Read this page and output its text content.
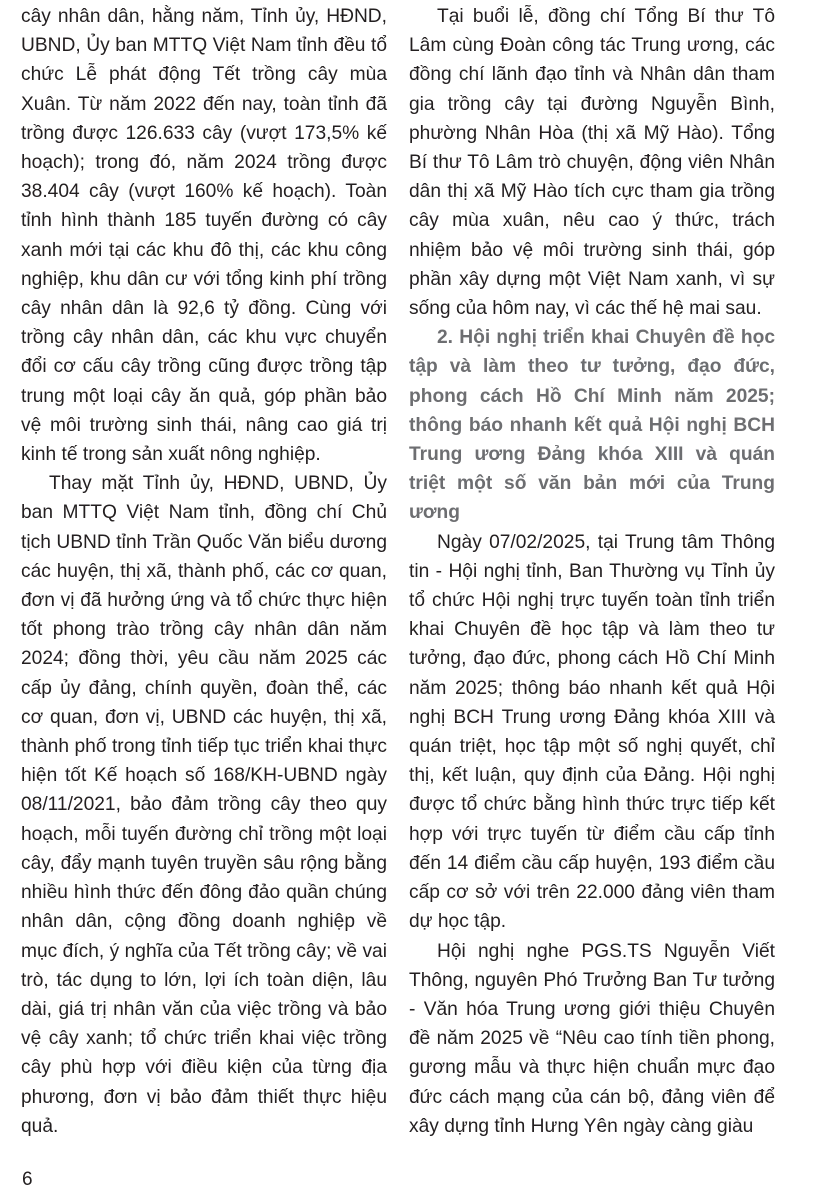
cây nhân dân, hằng năm, Tỉnh ủy, HĐND, UBND, Ủy ban MTTQ Việt Nam tỉnh đều tổ chức Lễ phát động Tết trồng cây mùa Xuân. Từ năm 2022 đến nay, toàn tỉnh đã trồng được 126.633 cây (vượt 173,5% kế hoạch); trong đó, năm 2024 trồng được 38.404 cây (vượt 160% kế hoạch). Toàn tỉnh hình thành 185 tuyến đường có cây xanh mới tại các khu đô thị, các khu công nghiệp, khu dân cư với tổng kinh phí trồng cây nhân dân là 92,6 tỷ đồng. Cùng với trồng cây nhân dân, các khu vực chuyển đổi cơ cấu cây trồng cũng được trồng tập trung một loại cây ăn quả, góp phần bảo vệ môi trường sinh thái, nâng cao giá trị kinh tế trong sản xuất nông nghiệp.

Thay mặt Tỉnh ủy, HĐND, UBND, Ủy ban MTTQ Việt Nam tỉnh, đồng chí Chủ tịch UBND tỉnh Trần Quốc Văn biểu dương các huyện, thị xã, thành phố, các cơ quan, đơn vị đã hưởng ứng và tổ chức thực hiện tốt phong trào trồng cây nhân dân năm 2024; đồng thời, yêu cầu năm 2025 các cấp ủy đảng, chính quyền, đoàn thể, các cơ quan, đơn vị, UBND các huyện, thị xã, thành phố trong tỉnh tiếp tục triển khai thực hiện tốt Kế hoạch số 168/KH-UBND ngày 08/11/2021, bảo đảm trồng cây theo quy hoạch, mỗi tuyến đường chỉ trồng một loại cây, đẩy mạnh tuyên truyền sâu rộng bằng nhiều hình thức đến đông đảo quần chúng nhân dân, cộng đồng doanh nghiệp về mục đích, ý nghĩa của Tết trồng cây; về vai trò, tác dụng to lớn, lợi ích toàn diện, lâu dài, giá trị nhân văn của việc trồng và bảo vệ cây xanh; tổ chức triển khai việc trồng cây phù hợp với điều kiện của từng địa phương, đơn vị bảo đảm thiết thực hiệu quả.

Tại buổi lễ, đồng chí Tổng Bí thư Tô Lâm cùng Đoàn công tác Trung ương, các đồng chí lãnh đạo tỉnh và Nhân dân tham gia trồng cây tại đường Nguyễn Bình, phường Nhân Hòa (thị xã Mỹ Hào). Tổng Bí thư Tô Lâm trò chuyện, động viên Nhân dân thị xã Mỹ Hào tích cực tham gia trồng cây mùa xuân, nêu cao ý thức, trách nhiệm bảo vệ môi trường sinh thái, góp phần xây dựng một Việt Nam xanh, vì sự sống của hôm nay, vì các thế hệ mai sau.

2. Hội nghị triển khai Chuyên đề học tập và làm theo tư tưởng, đạo đức, phong cách Hồ Chí Minh năm 2025; thông báo nhanh kết quả Hội nghị BCH Trung ương Đảng khóa XIII và quán triệt một số văn bản mới của Trung ương

Ngày 07/02/2025, tại Trung tâm Thông tin - Hội nghị tỉnh, Ban Thường vụ Tỉnh ủy tổ chức Hội nghị trực tuyến toàn tỉnh triển khai Chuyên đề học tập và làm theo tư tưởng, đạo đức, phong cách Hồ Chí Minh năm 2025; thông báo nhanh kết quả Hội nghị BCH Trung ương Đảng khóa XIII và quán triệt, học tập một số nghị quyết, chỉ thị, kết luận, quy định của Đảng. Hội nghị được tổ chức bằng hình thức trực tiếp kết hợp với trực tuyến từ điểm cầu cấp tỉnh đến 14 điểm cầu cấp huyện, 193 điểm cầu cấp cơ sở với trên 22.000 đảng viên tham dự học tập.

Hội nghị nghe PGS.TS Nguyễn Viết Thông, nguyên Phó Trưởng Ban Tư tưởng - Văn hóa Trung ương giới thiệu Chuyên đề năm 2025 về “Nêu cao tính tiền phong, gương mẫu và thực hiện chuẩn mực đạo đức cách mạng của cán bộ, đảng viên để xây dựng tỉnh Hưng Yên ngày càng giàu

6
